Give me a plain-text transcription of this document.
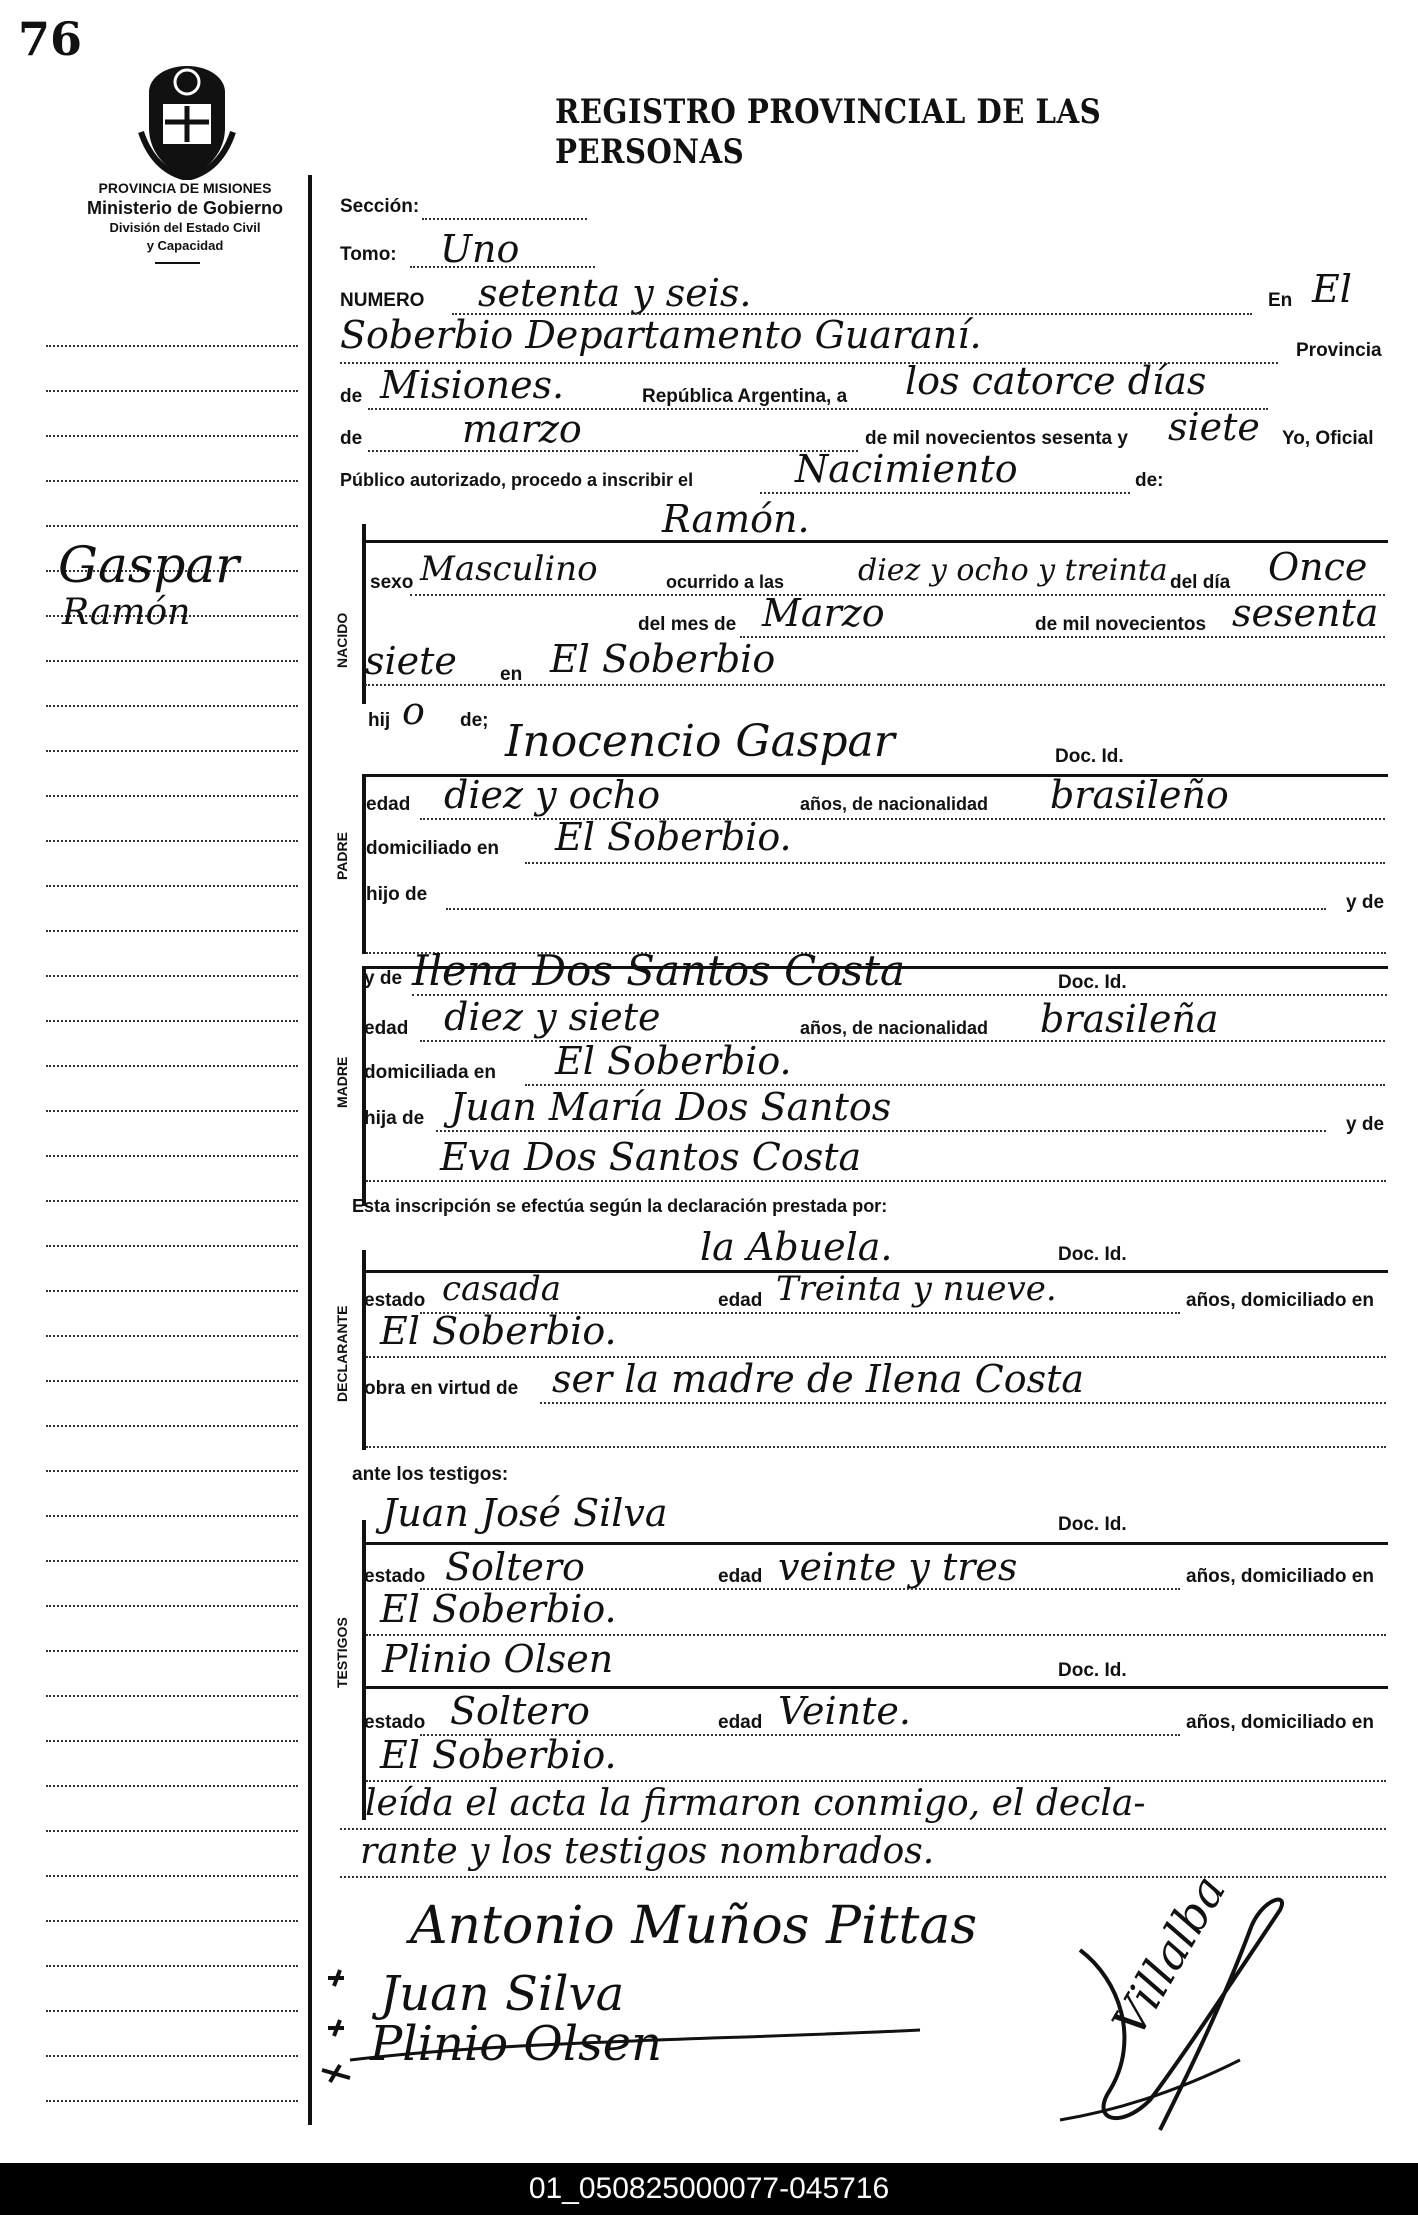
76
REGISTRO PROVINCIAL DE LAS PERSONAS
PROVINCIA DE MISIONES
Ministerio de Gobierno
División del Estado Civil
y Capacidad
Gaspar
Ramón
Sección:
Tomo: Uno
NUMERO setenta y seis.	En El
Soberbio Departamento Guaraní.	Provincia
de Misiones.	República Argentina, a los catorce días
de	marzo	de mil novecientos sesenta y siete Yo, Oficial
Público autorizado, procedo a inscribir el	Nacimiento	de:
Ramón.
NACIDO
sexo Masculino	ocurrido a las diez y ocho y treinta del día Once
del mes de Marzo	de mil novecientos sesenta
siete en El Soberbio
hij o de; Inocencio Gaspar	Doc. Id.
PADRE
edad diez y ocho	años, de nacionalidad brasileño
domiciliado en El Soberbio.
hijo de	y de
MADRE
y de Ilena Dos Santos Costa	Doc. Id.
edad diez y siete	años, de nacionalidad brasileña
domiciliada en El Soberbio.
hija de Juan María Dos Santos	y de
Eva Dos Santos Costa
Esta inscripción se efectúa según la declaración prestada por:
la Abuela.	Doc. Id.
DECLARANTE
estado casada	edad Treinta y nueve.	años, domiciliado en
El Soberbio.
obra en virtud de ser la madre de Ilena Costa
ante los testigos:
Juan José Silva	Doc. Id.
TESTIGOS
estado Soltero	edad veinte y tres	años, domiciliado en
El Soberbio.
Plinio Olsen	Doc. Id.
estado Soltero	edad Veinte.	años, domiciliado en
El Soberbio.
leída el acta la firmaron conmigo, el decla-
rante y los testigos nombrados.
Antonio Muños Pittas
Juan Silva
Plinio Olsen	Villalba
01_050825000077-045716
